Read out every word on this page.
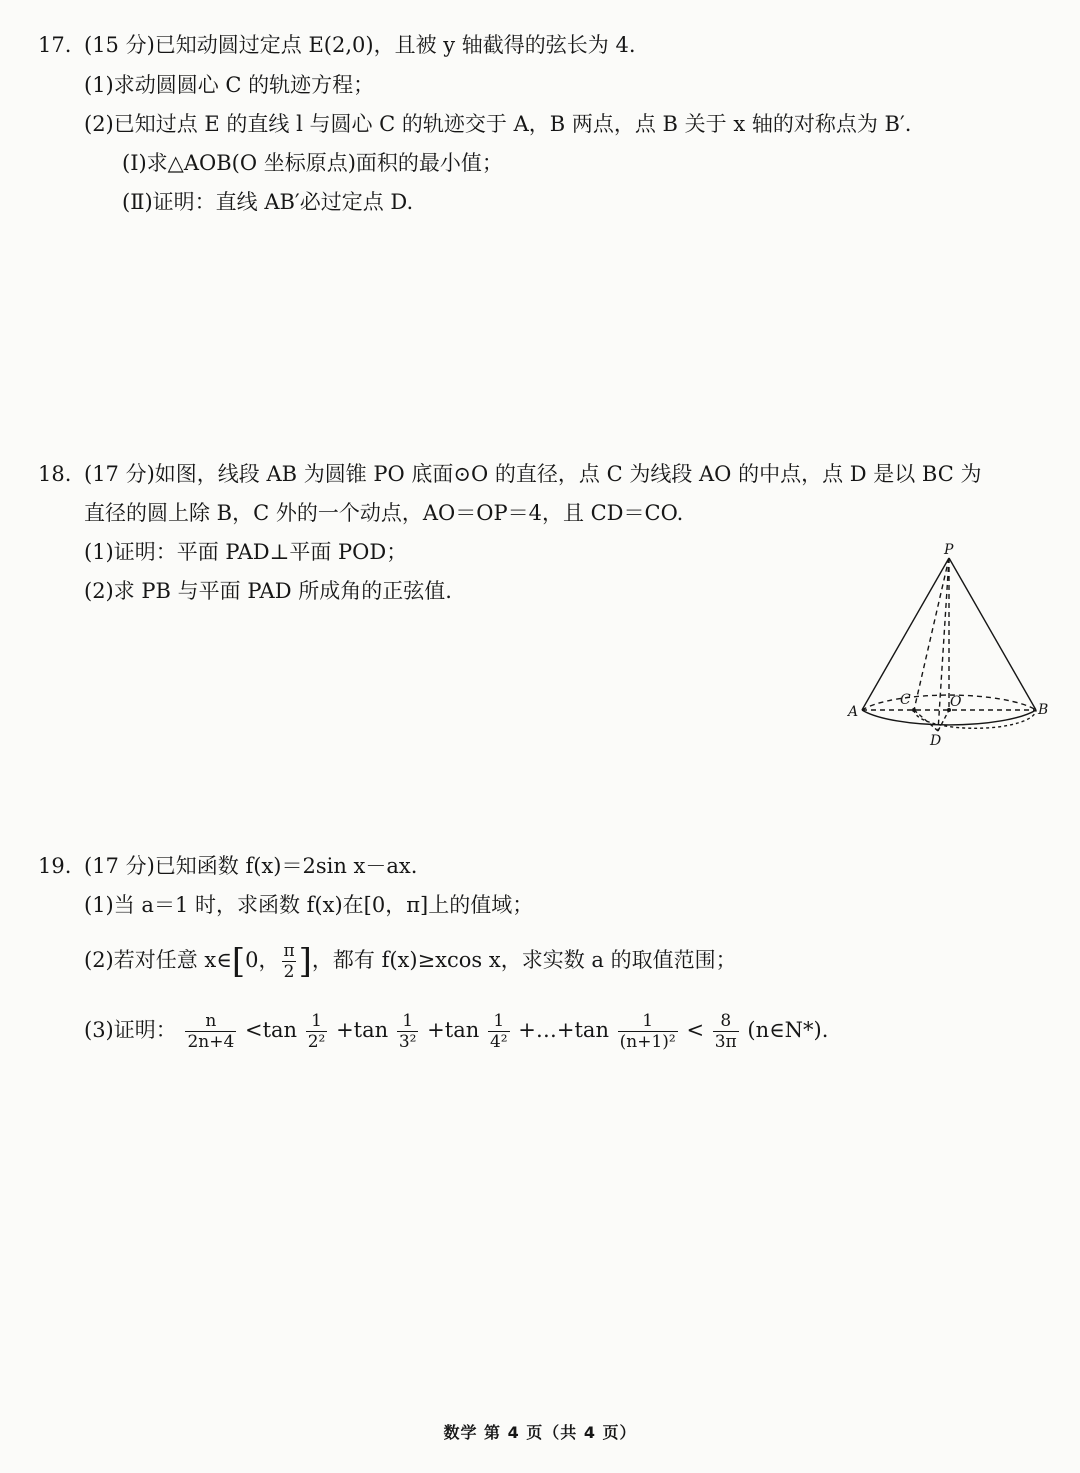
17. (15 分)已知动圆过定点 E(2,0)，且被 y 轴截得的弦长为 4.
(1)求动圆圆心 C 的轨迹方程；
(2)已知过点 E 的直线 l 与圆心 C 的轨迹交于 A，B 两点，点 B 关于 x 轴的对称点为 B′.
(Ⅰ)求△AOB(O 坐标原点)面积的最小值；
(Ⅱ)证明：直线 AB′必过定点 D.
18. (17 分)如图，线段 AB 为圆锥 PO 底面⊙O 的直径，点 C 为线段 AO 的中点，点 D 是以 BC 为
直径的圆上除 B，C 外的一个动点，AO＝OP＝4，且 CD＝CO.
(1)证明：平面 PAD⊥平面 POD；
(2)求 PB 与平面 PAD 所成角的正弦值.
P
A	B
C	O
D
19. (17 分)已知函数 f(x)＝2sin x－ax.
(1)当 a＝1 时，求函数 f(x)在[0，π]上的值域；
(2)若对任意 x∈[0， $\frac{\pi}{2}$ ]，都有 f(x)≥xcos x，求实数 a 的取值范围；
(3)证明： $\frac{n}{2n+4} <\tan \frac{1}{\text{2²}} +\tan \frac{1}{\text{3²}} +\tan \frac{1}{\text{4²}}$ +…+tan $\frac{1}{\text{(n+1)²}} < \frac{8}{3\pi}$ (n∈N*).
数学 第 4 页（共 4 页）
